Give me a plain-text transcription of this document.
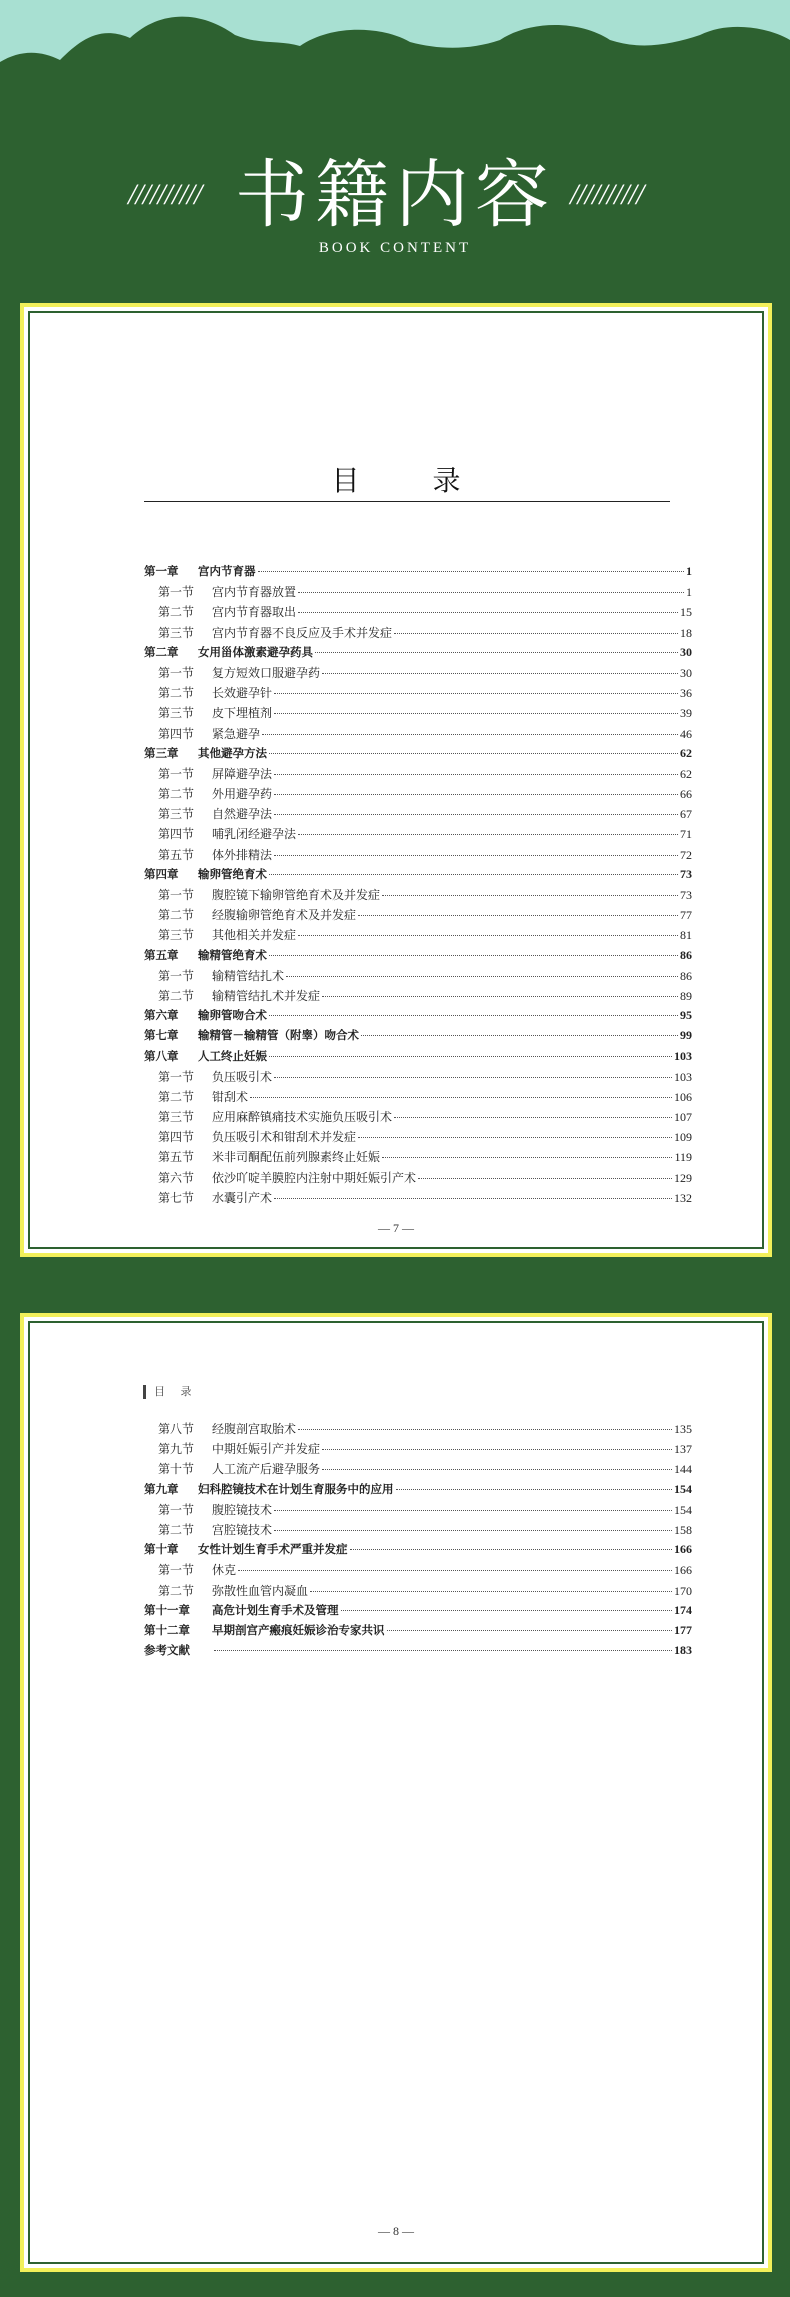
////////// 书籍内容 //////////
BOOK CONTENT
目 录
第一章	宫内节育器	1
第一节	宫内节育器放置	1
第二节	宫内节育器取出	15
第三节	宫内节育器不良反应及手术并发症	18
第二章	女用甾体激素避孕药具	30
第一节	复方短效口服避孕药	30
第二节	长效避孕针	36
第三节	皮下埋植剂	39
第四节	紧急避孕	46
第三章	其他避孕方法	62
第一节	屏障避孕法	62
第二节	外用避孕药	66
第三节	自然避孕法	67
第四节	哺乳闭经避孕法	71
第五节	体外排精法	72
第四章	输卵管绝育术	73
第一节	腹腔镜下输卵管绝育术及并发症	73
第二节	经腹输卵管绝育术及并发症	77
第三节	其他相关并发症	81
第五章	输精管绝育术	86
第一节	输精管结扎术	86
第二节	输精管结扎术并发症	89
第六章	输卵管吻合术	95
第七章	输精管－输精管（附睾）吻合术	99
第八章	人工终止妊娠	103
第一节	负压吸引术	103
第二节	钳刮术	106
第三节	应用麻醉镇痛技术实施负压吸引术	107
第四节	负压吸引术和钳刮术并发症	109
第五节	米非司酮配伍前列腺素终止妊娠	119
第六节	依沙吖啶羊膜腔内注射中期妊娠引产术	129
第七节	水囊引产术	132
— 7 —
目 录
第八节	经腹剖宫取胎术	135
第九节	中期妊娠引产并发症	137
第十节	人工流产后避孕服务	144
第九章	妇科腔镜技术在计划生育服务中的应用	154
第一节	腹腔镜技术	154
第二节	宫腔镜技术	158
第十章	女性计划生育手术严重并发症	166
第一节	休克	166
第二节	弥散性血管内凝血	170
第十一章	高危计划生育手术及管理	174
第十二章	早期剖宫产瘢痕妊娠诊治专家共识	177
参考文献	183
— 8 —
